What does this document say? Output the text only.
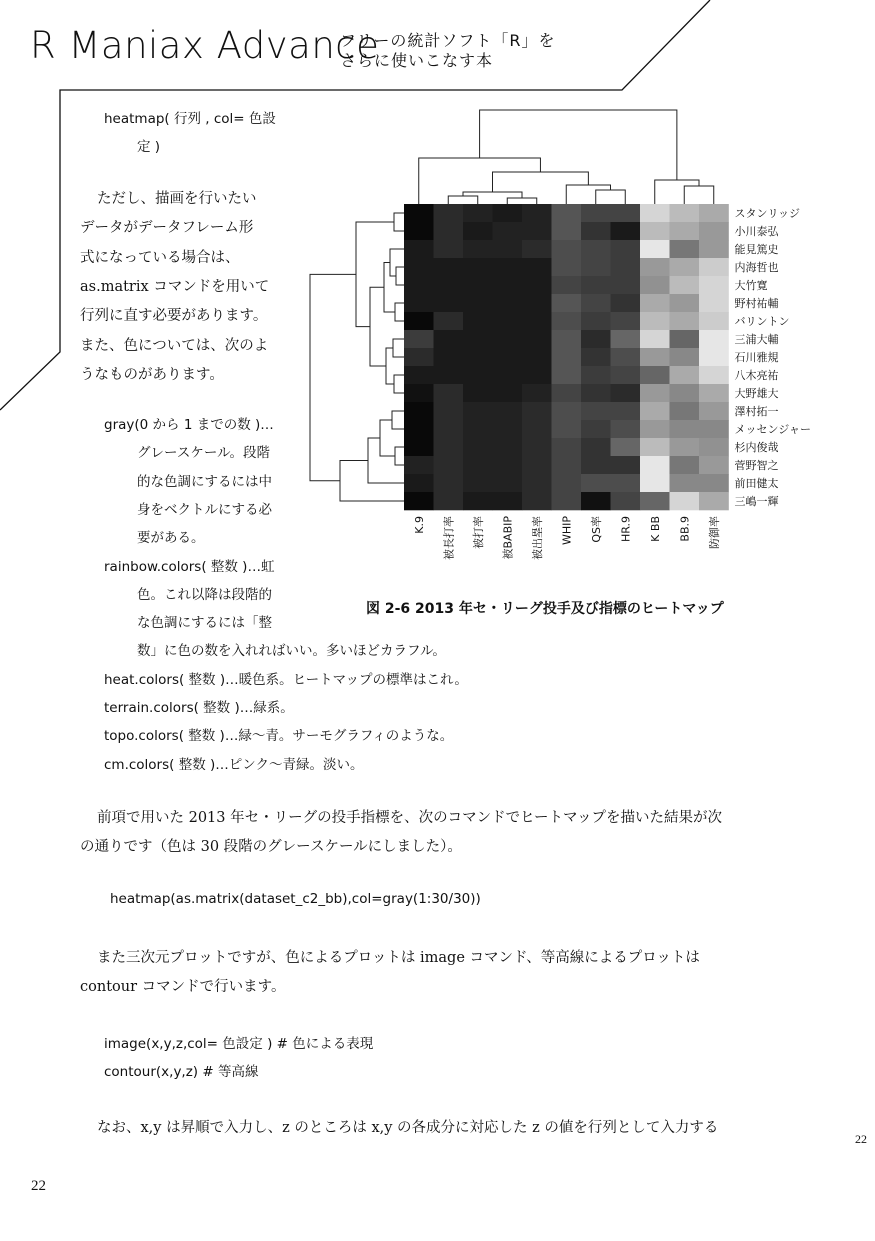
R Maniax Advance
フリーの統計ソフト「R」を
さらに使いこなす本
heatmap( 行列 , col= 色設
定 )
ただし、描画を行いたい
データがデータフレーム形
式になっている場合は、
as.matrix コマンドを用いて
行列に直す必要があります。
また、色については、次のよ
うなものがあります。
gray(0 から 1 までの数 )…
グレースケール。段階
的な色調にするには中
身をベクトルにする必
要がある。
rainbow.colors( 整数 )…虹
色。これ以降は段階的
な色調にするには「整
数」に色の数を入れればいい。多いほどカラフル。
heat.colors( 整数 )…暖色系。ヒートマップの標準はこれ。
terrain.colors( 整数 )…緑系。
topo.colors( 整数 )…緑〜青。サーモグラフィのような。
cm.colors( 整数 )…ピンク〜青緑。淡い。
スタンリッジ
小川泰弘
能見篤史
内海哲也
大竹寛
野村祐輔
バリントン
三浦大輔
石川雅規
八木亮祐
大野雄大
澤村拓一
メッセンジャー
杉内俊哉
菅野智之
前田健太
三嶋一輝
K.9 被長打率 被打率 被BABIP 被出塁率 WHIP QS率 HR.9 K BB BB.9 防御率
図 2-6 2013 年セ・リーグ投手及び指標のヒートマップ
前項で用いた 2013 年セ・リーグの投手指標を、次のコマンドでヒートマップを描いた結果が次
の通りです（色は 30 段階のグレースケールにしました）。
heatmap(as.matrix(dataset_c2_bb),col=gray(1:30/30))
また三次元プロットですが、色によるプロットは image コマンド、等高線によるプロットは
contour コマンドで行います。
image(x,y,z,col= 色設定 ) # 色による表現
contour(x,y,z) # 等高線
なお、x,y は昇順で入力し、z のところは x,y の各成分に対応した z の値を行列として入力する
22
22
